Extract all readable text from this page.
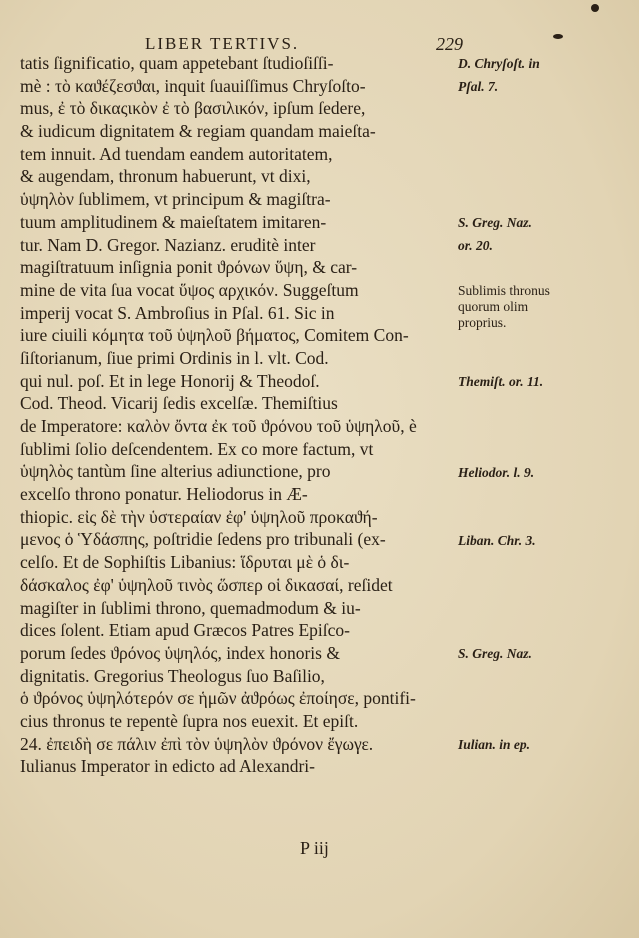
LIBER TERTIVS.	229
tatis ſignificatio, quam appetebant ſtudioſiſſi-
mè : τὸ καϑέζεσϑαι, inquit ſuauiſſimus Chryſoſto-
mus, ἐ τὸ δικαςικὸν ἐ τὸ βασιλικόν, ipſum ſedere,
& iudicum dignitatem & regiam quandam maieſta-
tem innuit. Ad tuendam eandem autoritatem,
& augendam, thronum habuerunt, vt dixi,
ὑψηλὸν ſublimem, vt principum & magiſtra-
tuum amplitudinem & maieſtatem imitaren-
tur. Nam D. Gregor. Nazianz. eruditè inter
magiſtratuum inſignia ponit ϑρόνων ὕψη, & car-
mine de vita ſua vocat ὕψος αρχικόν. Suggeſtum
imperij vocat S. Ambroſius in Pſal. 61. Sic in
iure ciuili κόμητα τοῦ ὑψηλοῦ βήματος, Comitem Con-
ſiſtorianum, ſiue primi Ordinis in l. vlt. Cod.
qui nul. poſ. Et in lege Honorij & Theodoſ.
Cod. Theod. Vicarij ſedis excelſæ. Themiſtius
de Imperatore: καλὸν ὄντα ἐκ τοῦ ϑρόνου τοῦ ὑψηλοῦ, è
ſublimi ſolio deſcendentem. Ex co more factum, vt
ὑψηλὸς tantùm ſine alterius adiunctione, pro
excelſo throno ponatur. Heliodorus in Æ-
thiopic. εἰς δὲ τὴν ὑστεραίαν ἐφ' ὑψηλοῦ προκαϑή-
μενος ὁ Ὑδάσπης, poſtridie ſedens pro tribunali (ex-
celſo. Et de Sophiſtis Libanius: ἵδρυται μὲ ὁ δι-
δάσκαλος ἐφ' ὑψηλοῦ τινὸς ὥσπερ οἱ δικασαί, reſidet
magiſter in ſublimi throno, quemadmodum & iu-
dices ſolent. Etiam apud Græcos Patres Epiſco-
porum ſedes ϑρόνος ὑψηλός, index honoris &
dignitatis. Gregorius Theologus ſuo Baſilio,
ὁ ϑρόνος ὑψηλότερόν σε ἡμῶν ἀϑρόως ἐποίησε, pontifi-
cius thronus te repentè ſupra nos euexit. Et epiſt.
24. ἐπειδὴ σε πάλιν ἐπὶ τὸν ὑψηλὸν ϑρόνον ἔγωγε.
Iulianus Imperator in edicto ad Alexandri-
D. Chryſoſt. in
Pſal. 7.
S. Greg. Naz.
or. 20.
Sublimis thronus quorum olim proprius.
Themiſt. or. 11.
Heliodor. l. 9.
Liban. Chr. 3.
S. Greg. Naz.
Iulian. in ep.
P iij
